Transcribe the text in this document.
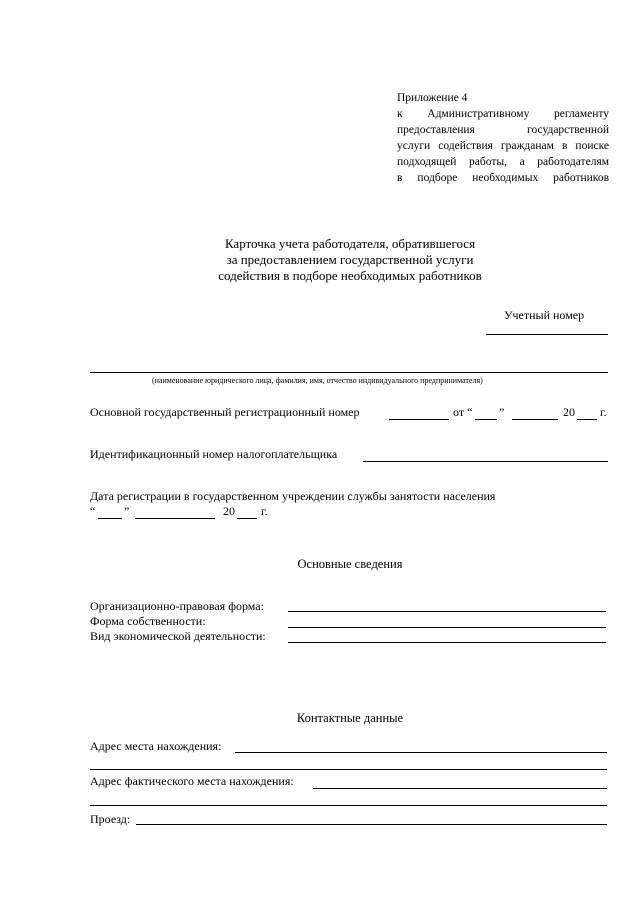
Приложение 4
к Административному регламенту
предоставления государственной
услуги содействия гражданам в поиске
подходящей работы, а работодателям
в подборе необходимых работников
Карточка учета работодателя, обратившегося
за предоставлением государственной услуги
содействия в подборе необходимых работников
Учетный номер
(наименование юридического лица, фамилия, имя, отчество индивидуального предпринимателя)
Основной государственный регистрационный номер	от “ ”	20 г.
Идентификационный номер налогоплательщика
Дата регистрации в государственном учреждении службы занятости населения
“ ”	20 г.
Основные сведения
Организационно-правовая форма:
Форма собственности:
Вид экономической деятельности:
Контактные данные
Адрес места нахождения:
Адрес фактического места нахождения:
Проезд:
